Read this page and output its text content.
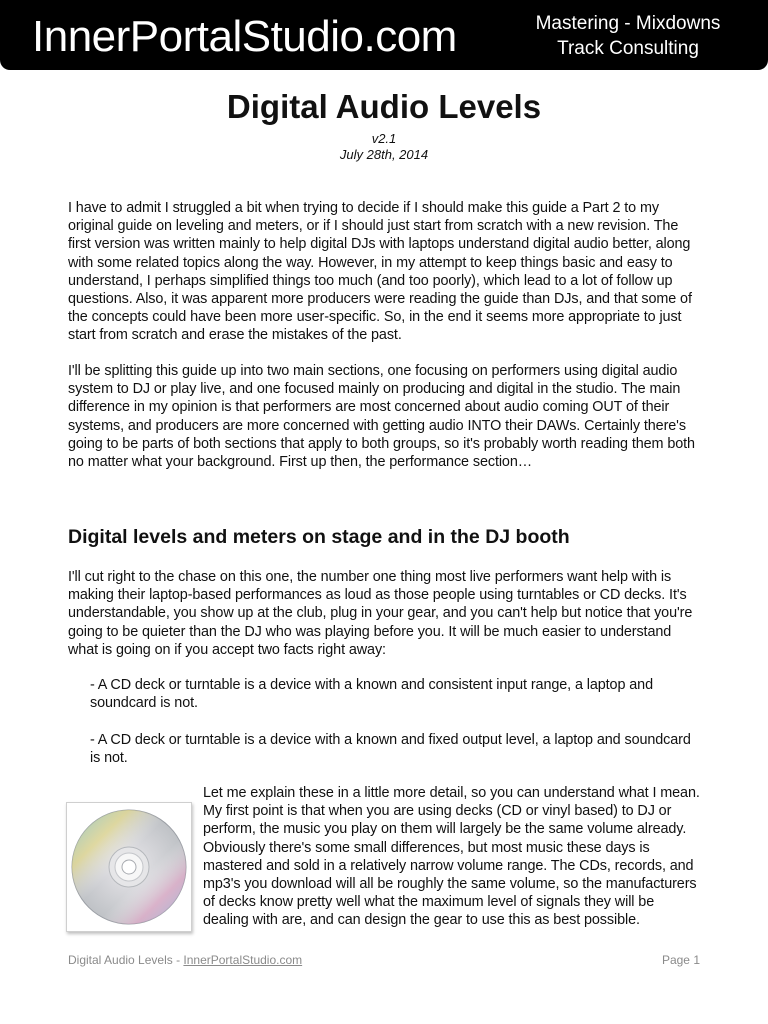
InnerPortalStudio.com	Mastering - Mixdowns
Track Consulting
Digital Audio Levels
v2.1
July 28th, 2014

I have to admit I struggled a bit when trying to decide if I should make this guide a Part 2 to my original guide on leveling and meters, or if I should just start from scratch with a new revision. The first version was written mainly to help digital DJs with laptops understand digital audio better, along with some related topics along the way. However, in my attempt to keep things basic and easy to understand, I perhaps simplified things too much (and too poorly), which lead to a lot of follow up questions. Also, it was apparent more producers were reading the guide than DJs, and that some of the concepts could have been more user-specific. So, in the end it seems more appropriate to just start from scratch and erase the mistakes of the past.

I'll be splitting this guide up into two main sections, one focusing on performers using digital audio system to DJ or play live, and one focused mainly on producing and digital in the studio. The main difference in my opinion is that performers are most concerned about audio coming OUT of their systems, and producers are more concerned with getting audio INTO their DAWs. Certainly there's going to be parts of both sections that apply to both groups, so it's probably worth reading them both no matter what your background. First up then, the performance section…

Digital levels and meters on stage and in the DJ booth

I'll cut right to the chase on this one, the number one thing most live performers want help with is making their laptop-based performances as loud as those people using turntables or CD decks. It's understandable, you show up at the club, plug in your gear, and you can't help but notice that you're going to be quieter than the DJ who was playing before you. It will be much easier to understand what is going on if you accept two facts right away:

- A CD deck or turntable is a device with a known and consistent input range, a laptop and soundcard is not.

- A CD deck or turntable is a device with a known and fixed output level, a laptop and soundcard is not.

Let me explain these in a little more detail, so you can understand what I mean. My first point is that when you are using decks (CD or vinyl based) to DJ or perform, the music you play on them will largely be the same volume already. Obviously there's some small differences, but most music these days is mastered and sold in a relatively narrow volume range. The CDs, records, and mp3's you download will all be roughly the same volume, so the manufacturers of decks know pretty well what the maximum level of signals they will be dealing with are, and can design the gear to use this as best possible.

Digital Audio Levels - InnerPortalStudio.com	Page 1
